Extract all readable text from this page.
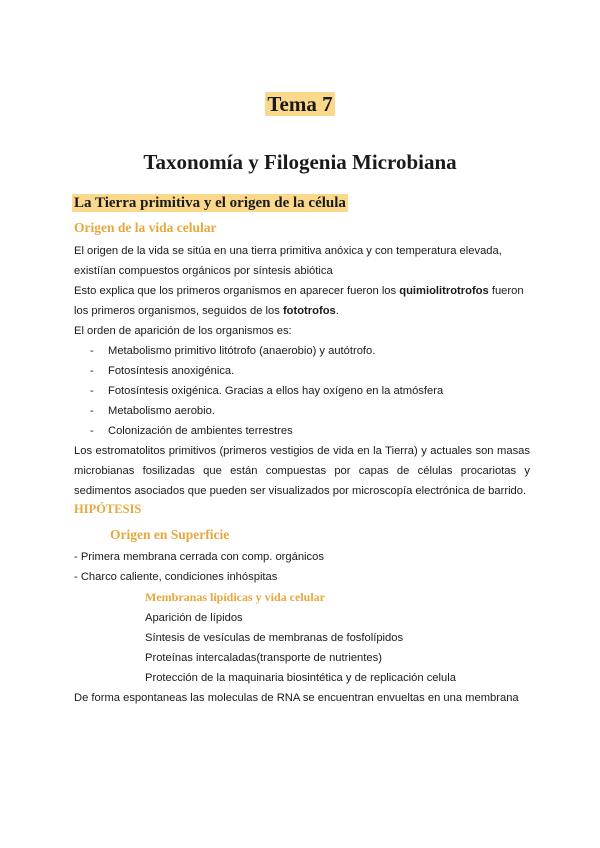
Tema 7
Taxonomía y Filogenia Microbiana
La Tierra primitiva y el origen de la célula
Origen de la vida celular
El origen de la vida se sitúa en una tierra primitiva anóxica y con temperatura elevada, existíían compuestos orgánicos por síntesis abiótica
Esto explica que los primeros organismos en aparecer fueron los quimiolitrotrofos fueron los primeros organismos, seguidos de los fototrofos.
El orden de aparición de los organismos es:
- Metabolismo primitivo litótrofo (anaerobio) y autótrofo.
- Fotosíntesis anoxigénica.
- Fotosíntesis oxigénica. Gracias a ellos hay oxígeno en la atmósfera
- Metabolismo aerobio.
- Colonización de ambientes terrestres
Los estromatolitos primitivos (primeros vestigios de vida en la Tierra) y actuales son masas microbianas fosilizadas que están compuestas por capas de células procariotas y sedimentos asociados que pueden ser visualizados por microscopía electrónica de barrido.
HIPÓTESIS
Origen en Superficie
- Primera membrana cerrada con comp. orgánicos
- Charco caliente, condiciones inhóspitas
Membranas lipídicas y vida celular
Aparición de lípidos
Síntesis de vesículas de membranas de fosfolípidos
Proteínas intercaladas(transporte de nutrientes)
Protección de la maquinaria biosintética y de replicación celula
De forma espontaneas las moleculas de RNA se encuentran envueltas en una membrana
